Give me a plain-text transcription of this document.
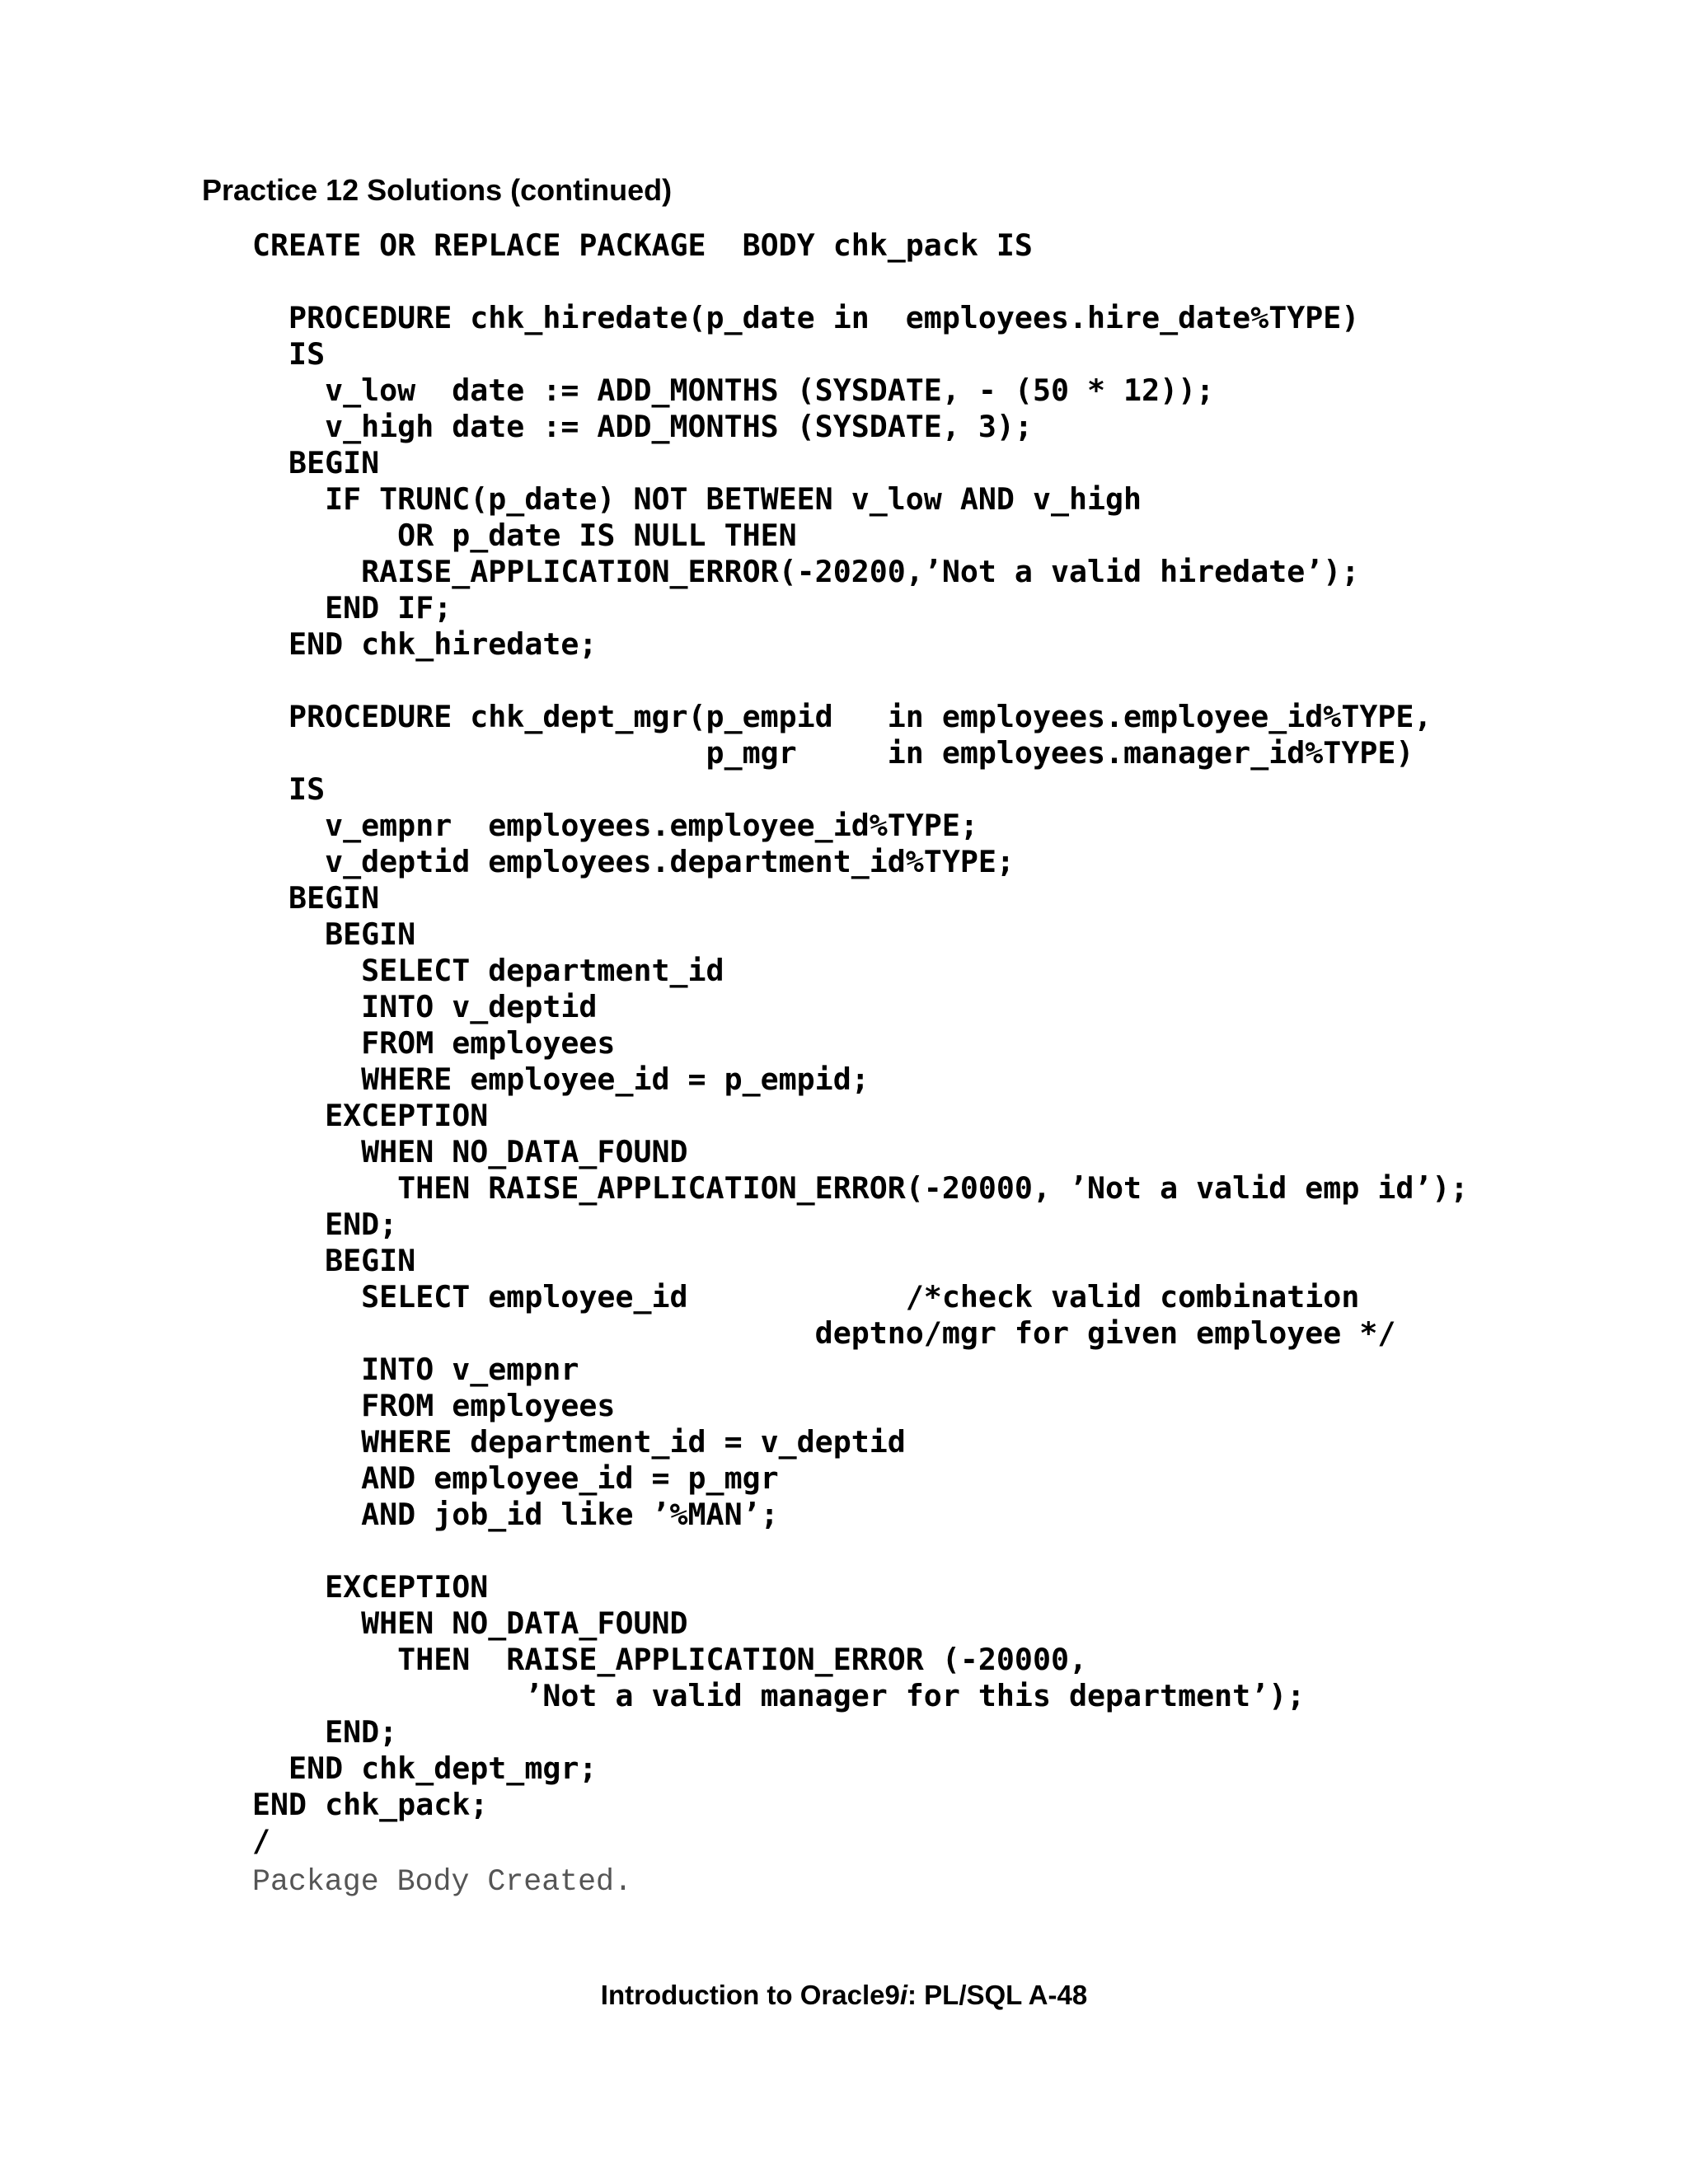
Practice 12 Solutions (continued)
CREATE OR REPLACE PACKAGE  BODY chk_pack IS
PROCEDURE chk_hiredate(p_date in  employees.hire_date%TYPE)
IS
v_low  date := ADD_MONTHS (SYSDATE, - (50 * 12));
v_high date := ADD_MONTHS (SYSDATE, 3);
BEGIN
IF TRUNC(p_date) NOT BETWEEN v_low AND v_high
OR p_date IS NULL THEN
RAISE_APPLICATION_ERROR(-20200,’Not a valid hiredate’);
END IF;
END chk_hiredate;
PROCEDURE chk_dept_mgr(p_empid   in employees.employee_id%TYPE,
p_mgr     in employees.manager_id%TYPE)
IS
v_empnr  employees.employee_id%TYPE;
v_deptid employees.department_id%TYPE;
BEGIN
BEGIN
SELECT department_id
INTO v_deptid
FROM employees
WHERE employee_id = p_empid;
EXCEPTION
WHEN NO_DATA_FOUND
THEN RAISE_APPLICATION_ERROR(-20000, ’Not a valid emp id’);
END;
BEGIN
SELECT employee_id            /*check valid combination
deptno/mgr for given employee */
INTO v_empnr
FROM employees
WHERE department_id = v_deptid
AND employee_id = p_mgr
AND job_id like ’%MAN’;
EXCEPTION
WHEN NO_DATA_FOUND
THEN  RAISE_APPLICATION_ERROR (-20000,
’Not a valid manager for this department’);
END;
END chk_dept_mgr;
END chk_pack;
/
Package Body Created.

Introduction to Oracle9i: PL/SQL A-48
